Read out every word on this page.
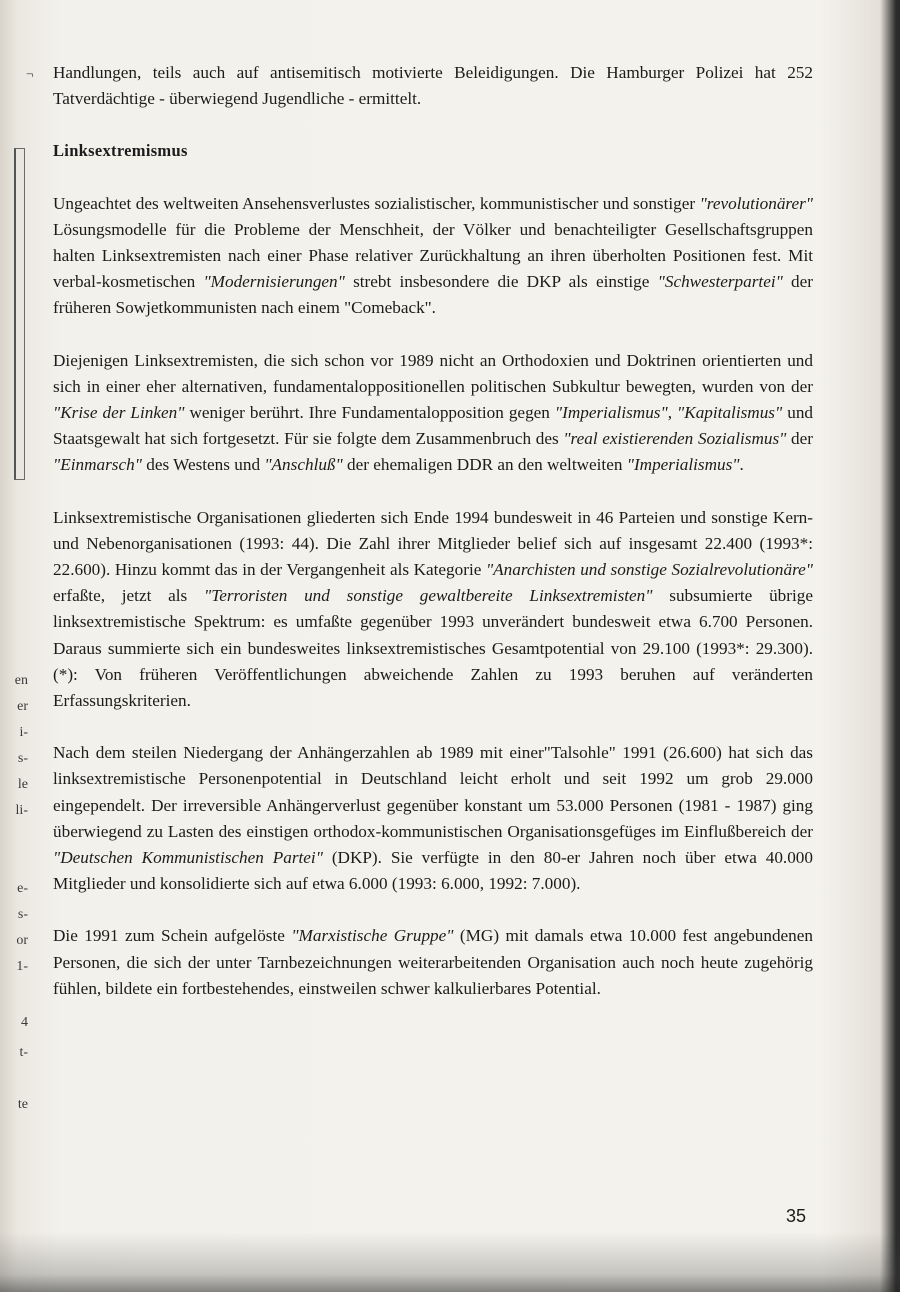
¬
en
er
i-
s-
le
li-
e-
s-
or
1-
4
t-
te

Handlungen, teils auch auf antisemitisch motivierte Beleidigungen. Die Hamburger Polizei hat 252 Tatverdächtige - überwiegend Jugendliche - ermittelt.

Linksextremismus

Ungeachtet des weltweiten Ansehensverlustes sozialistischer, kommunistischer und sonstiger "revolutionärer" Lösungsmodelle für die Probleme der Menschheit, der Völker und benachteiligter Gesellschaftsgruppen halten Linksextremisten nach einer Phase relativer Zurückhaltung an ihren überholten Positionen fest. Mit verbal-kosmetischen "Modernisierungen" strebt insbesondere die DKP als einstige "Schwesterpartei" der früheren Sowjetkommunisten nach einem "Comeback".

Diejenigen Linksextremisten, die sich schon vor 1989 nicht an Orthodoxien und Doktrinen orientierten und sich in einer eher alternativen, fundamentaloppositionellen politischen Subkultur bewegten, wurden von der "Krise der Linken" weniger berührt. Ihre Fundamentalopposition gegen "Imperialismus", "Kapitalismus" und Staatsgewalt hat sich fortgesetzt. Für sie folgte dem Zusammenbruch des "real existierenden Sozialismus" der "Einmarsch" des Westens und "Anschluß" der ehemaligen DDR an den weltweiten "Imperialismus".

Linksextremistische Organisationen gliederten sich Ende 1994 bundesweit in 46 Parteien und sonstige Kern- und Nebenorganisationen (1993: 44). Die Zahl ihrer Mitglieder belief sich auf insgesamt 22.400 (1993*: 22.600). Hinzu kommt das in der Vergangenheit als Kategorie "Anarchisten und sonstige Sozialrevolutionäre" erfaßte, jetzt als "Terroristen und sonstige gewaltbereite Linksextremisten" subsumierte übrige linksextremistische Spektrum: es umfaßte gegenüber 1993 unverändert bundesweit etwa 6.700 Personen. Daraus summierte sich ein bundesweites linksextremistisches Gesamtpotential von 29.100 (1993*: 29.300). (*): Von früheren Veröffentlichungen abweichende Zahlen zu 1993 beruhen auf veränderten Erfassungskriterien.

Nach dem steilen Niedergang der Anhängerzahlen ab 1989 mit einer"Talsohle" 1991 (26.600) hat sich das linksextremistische Personenpotential in Deutschland leicht erholt und seit 1992 um grob 29.000 eingependelt. Der irreversible Anhängerverlust gegenüber konstant um 53.000 Personen (1981 - 1987) ging überwiegend zu Lasten des einstigen orthodox-kommunistischen Organisationsgefüges im Einflußbereich der "Deutschen Kommunistischen Partei" (DKP). Sie verfügte in den 80-er Jahren noch über etwa 40.000 Mitglieder und konsolidierte sich auf etwa 6.000 (1993: 6.000, 1992: 7.000).

Die 1991 zum Schein aufgelöste "Marxistische Gruppe" (MG) mit damals etwa 10.000 fest angebundenen Personen, die sich der unter Tarnbezeichnungen weiterarbeitenden Organisation auch noch heute zugehörig fühlen, bildete ein fortbestehendes, einstweilen schwer kalkulierbares Potential.

35
